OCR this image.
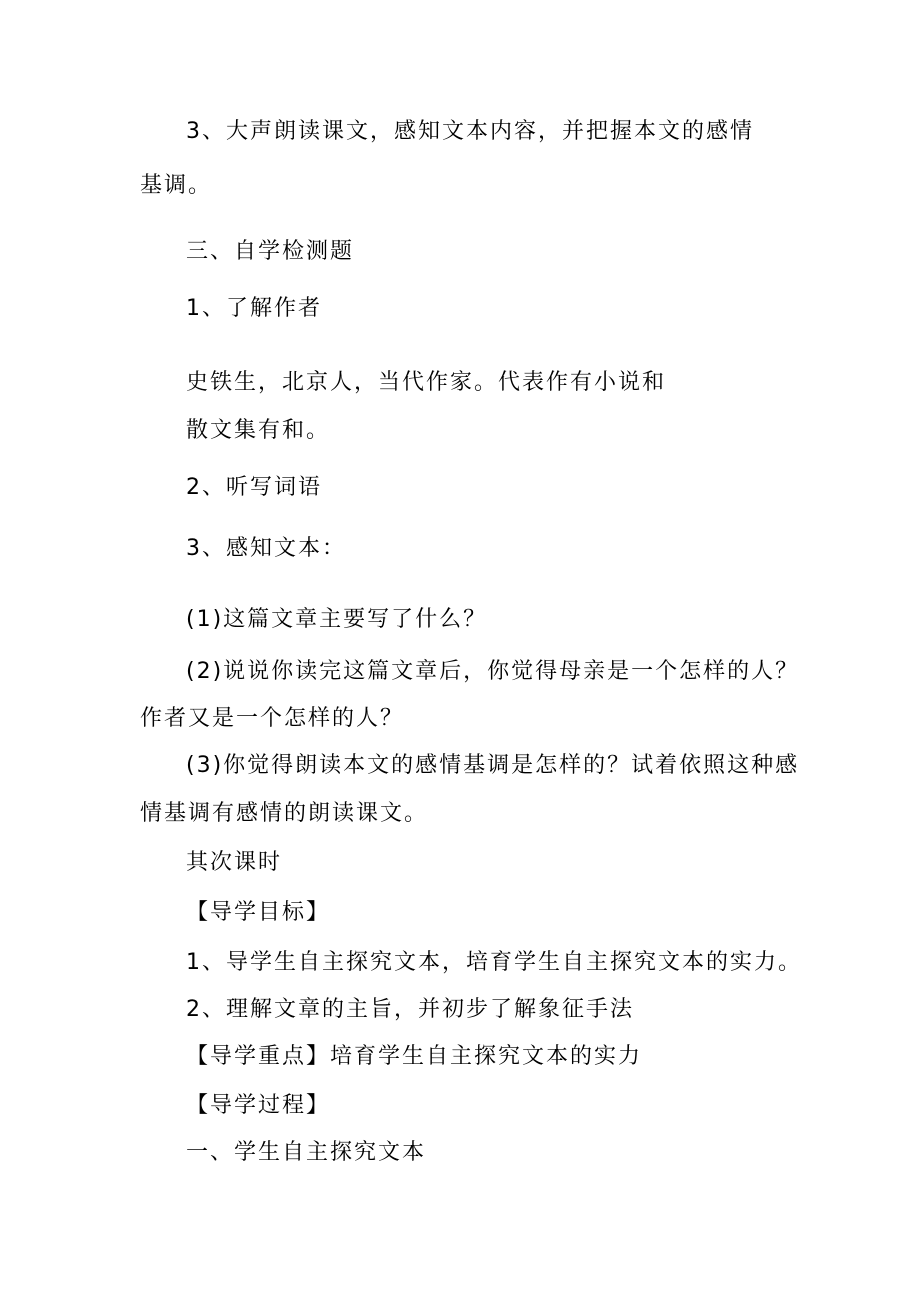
3、大声朗读课文，感知文本内容，并把握本文的感情
基调。
三、自学检测题
1、了解作者
史铁生，北京人，当代作家。代表作有小说和
散文集有和。
2、听写词语
3、感知文本：
(1)这篇文章主要写了什么？
(2)说说你读完这篇文章后，你觉得母亲是一个怎样的人？
作者又是一个怎样的人？
(3)你觉得朗读本文的感情基调是怎样的？试着依照这种感
情基调有感情的朗读课文。
其次课时
【导学目标】
1、导学生自主探究文本，培育学生自主探究文本的实力。
2、理解文章的主旨，并初步了解象征手法
【导学重点】培育学生自主探究文本的实力
【导学过程】
一、学生自主探究文本
